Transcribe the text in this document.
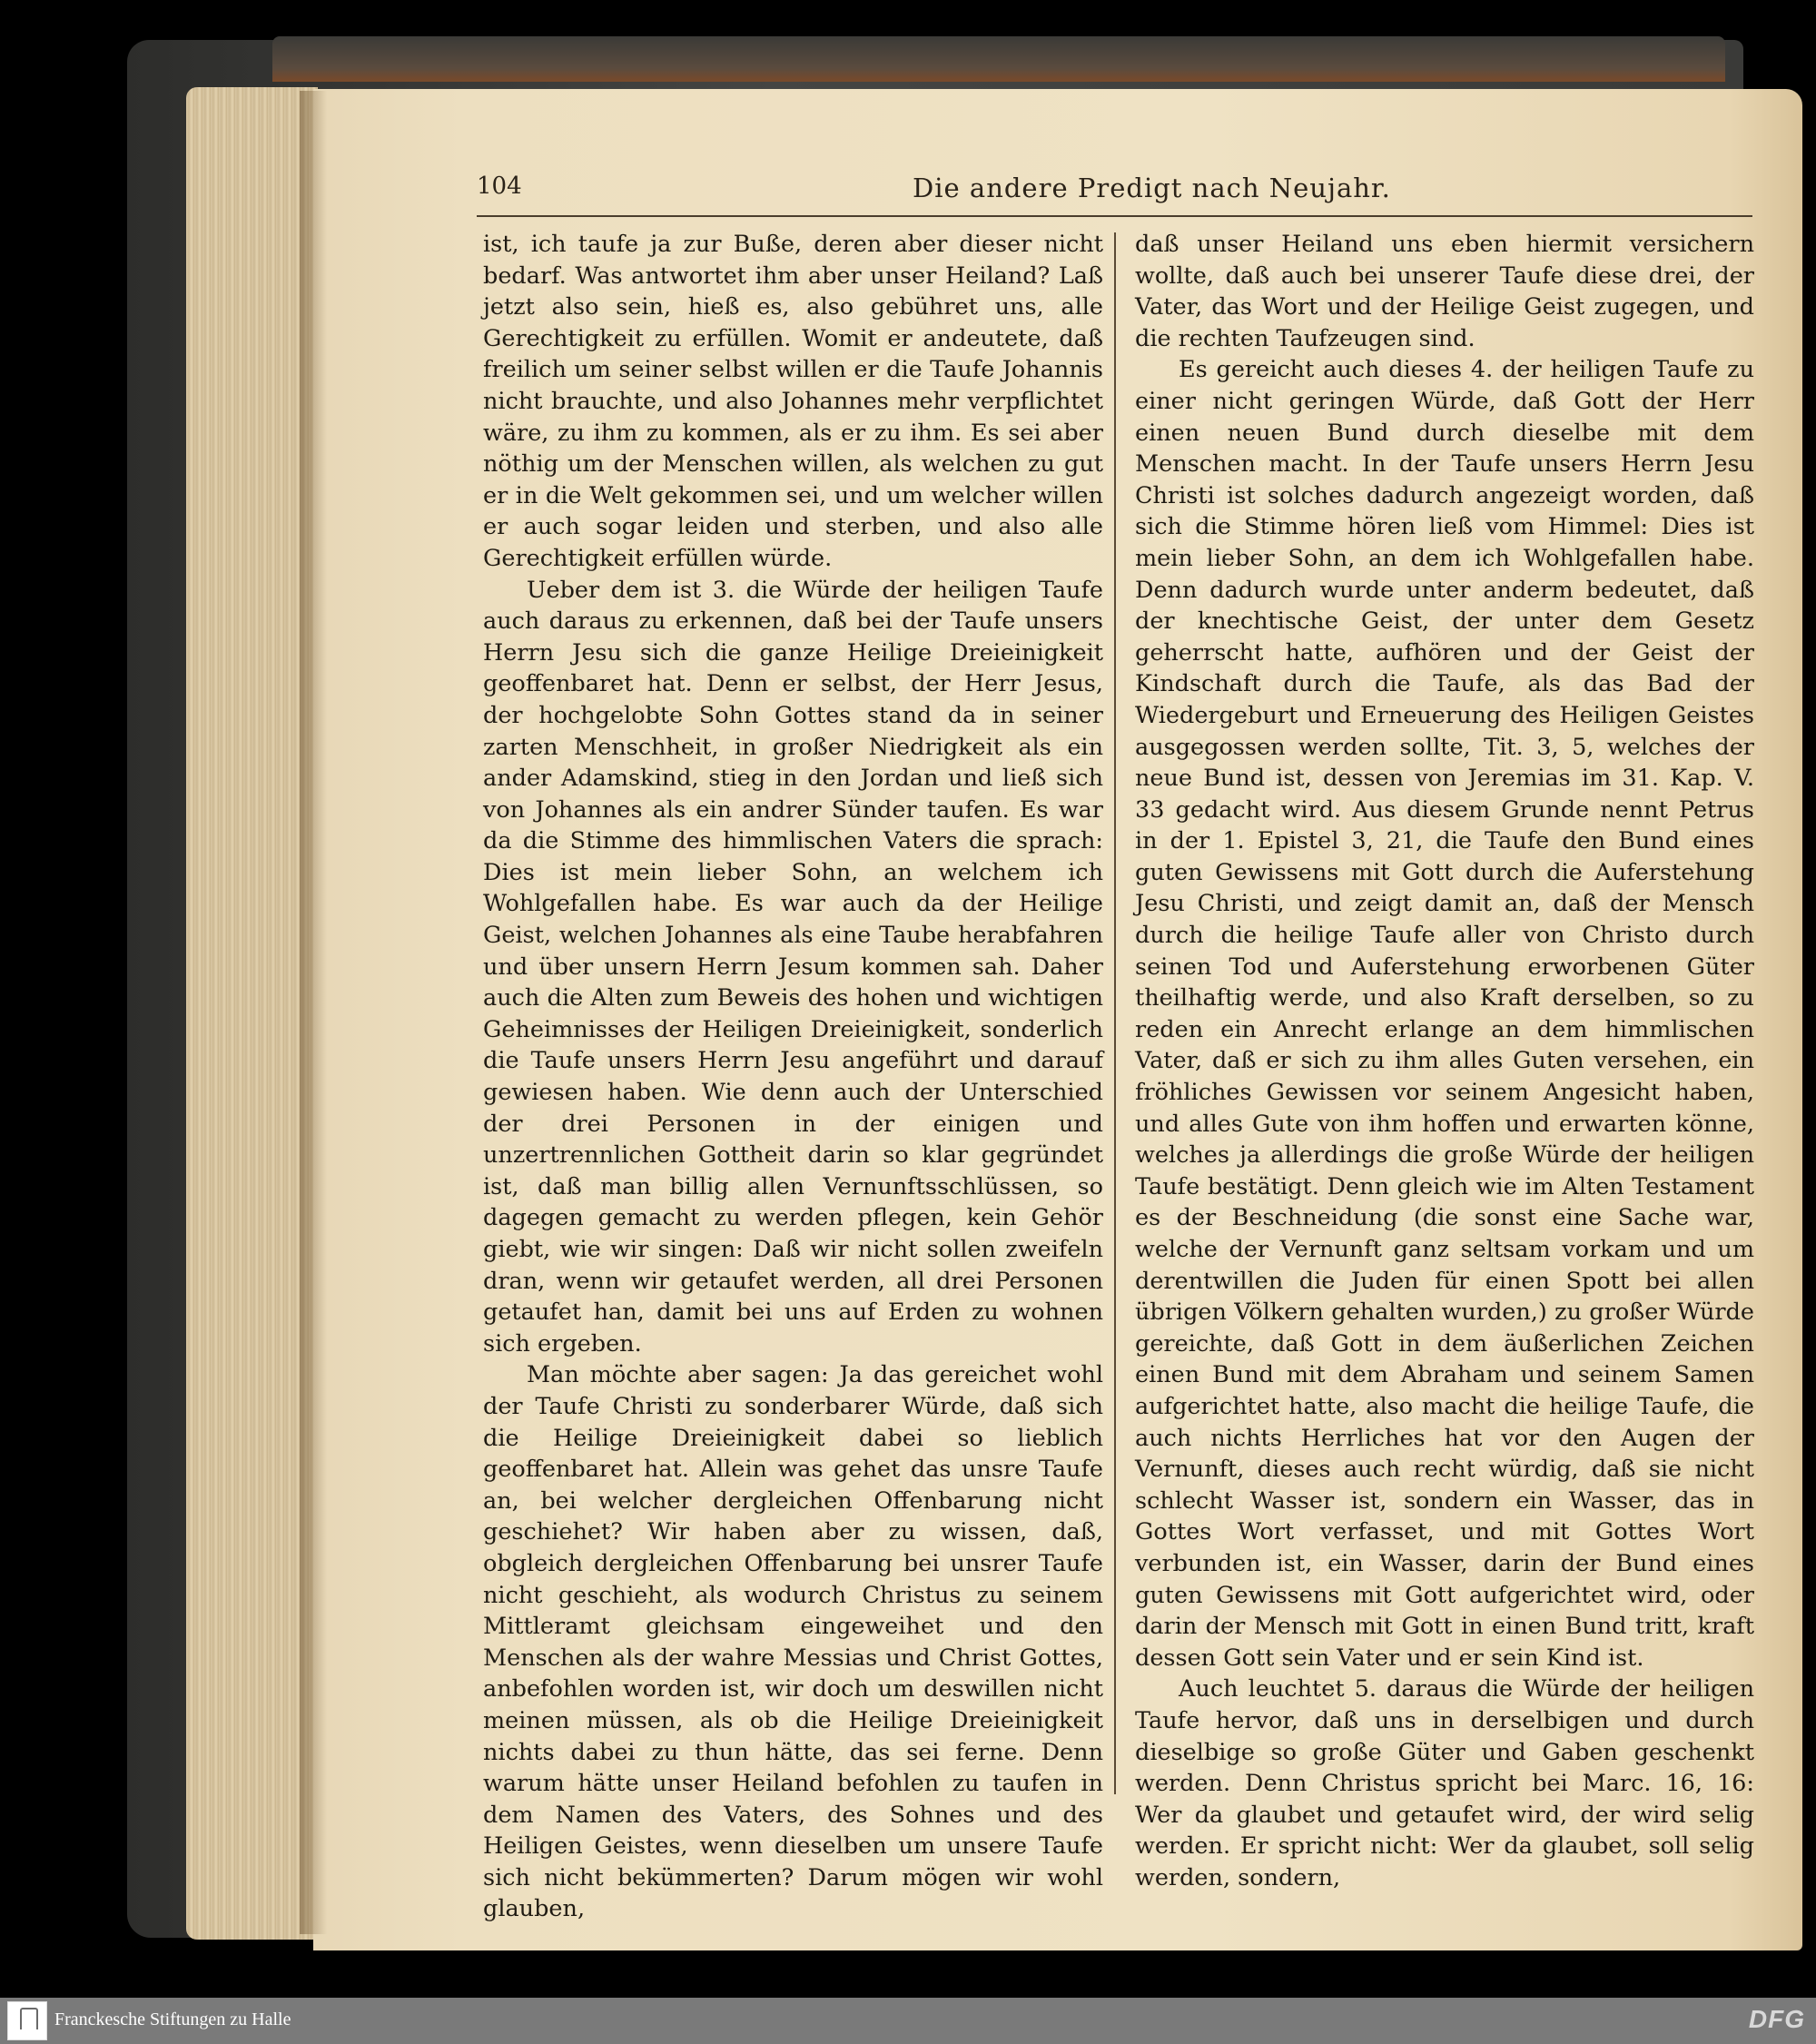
104	Die andere Predigt nach Neujahr.

ist, ich taufe ja zur Buße, deren aber dieser nicht bedarf. Was antwortet ihm aber unser Heiland? Laß jetzt also sein, hieß es, also gebühret uns, alle Gerechtigkeit zu erfüllen. Womit er andeutete, daß freilich um seiner selbst willen er die Taufe Johannis nicht brauchte, und also Johannes mehr verpflichtet wäre, zu ihm zu kommen, als er zu ihm. Es sei aber nöthig um der Menschen willen, als welchen zu gut er in die Welt gekommen sei, und um welcher willen er auch sogar leiden und sterben, und also alle Gerechtigkeit erfüllen würde.

Ueber dem ist 3. die Würde der heiligen Taufe auch daraus zu erkennen, daß bei der Taufe unsers Herrn Jesu sich die ganze Heilige Dreieinigkeit geoffenbaret hat. Denn er selbst, der Herr Jesus, der hochgelobte Sohn Gottes stand da in seiner zarten Menschheit, in großer Niedrigkeit als ein ander Adamskind, stieg in den Jordan und ließ sich von Johannes als ein andrer Sünder taufen. Es war da die Stimme des himmlischen Vaters die sprach: Dies ist mein lieber Sohn, an welchem ich Wohlgefallen habe. Es war auch da der Heilige Geist, welchen Johannes als eine Taube herabfahren und über unsern Herrn Jesum kommen sah. Daher auch die Alten zum Beweis des hohen und wichtigen Geheimnisses der Heiligen Dreieinigkeit, sonderlich die Taufe unsers Herrn Jesu angeführt und darauf gewiesen haben. Wie denn auch der Unterschied der drei Personen in der einigen und unzertrennlichen Gottheit darin so klar gegründet ist, daß man billig allen Vernunftsschlüssen, so dagegen gemacht zu werden pflegen, kein Gehör giebt, wie wir singen: Daß wir nicht sollen zweifeln dran, wenn wir getaufet werden, all drei Personen getaufet han, damit bei uns auf Erden zu wohnen sich ergeben.

Man möchte aber sagen: Ja das gereichet wohl der Taufe Christi zu sonderbarer Würde, daß sich die Heilige Dreieinigkeit dabei so lieblich geoffenbaret hat. Allein was gehet das unsre Taufe an, bei welcher dergleichen Offenbarung nicht geschiehet? Wir haben aber zu wissen, daß, obgleich dergleichen Offenbarung bei unsrer Taufe nicht geschieht, als wodurch Christus zu seinem Mittleramt gleichsam eingeweihet und den Menschen als der wahre Messias und Christ Gottes, anbefohlen worden ist, wir doch um deswillen nicht meinen müssen, als ob die Heilige Dreieinigkeit nichts dabei zu thun hätte, das sei ferne. Denn warum hätte unser Heiland befohlen zu taufen in dem Namen des Vaters, des Sohnes und des Heiligen Geistes, wenn dieselben um unsere Taufe sich nicht bekümmerten? Darum mögen wir wohl glauben,

daß unser Heiland uns eben hiermit versichern wollte, daß auch bei unserer Taufe diese drei, der Vater, das Wort und der Heilige Geist zugegen, und die rechten Taufzeugen sind.

Es gereicht auch dieses 4. der heiligen Taufe zu einer nicht geringen Würde, daß Gott der Herr einen neuen Bund durch dieselbe mit dem Menschen macht. In der Taufe unsers Herrn Jesu Christi ist solches dadurch angezeigt worden, daß sich die Stimme hören ließ vom Himmel: Dies ist mein lieber Sohn, an dem ich Wohlgefallen habe. Denn dadurch wurde unter anderm bedeutet, daß der knechtische Geist, der unter dem Gesetz geherrscht hatte, aufhören und der Geist der Kindschaft durch die Taufe, als das Bad der Wiedergeburt und Erneuerung des Heiligen Geistes ausgegossen werden sollte, Tit. 3, 5, welches der neue Bund ist, dessen von Jeremias im 31. Kap. V. 33 gedacht wird. Aus diesem Grunde nennt Petrus in der 1. Epistel 3, 21, die Taufe den Bund eines guten Gewissens mit Gott durch die Auferstehung Jesu Christi, und zeigt damit an, daß der Mensch durch die heilige Taufe aller von Christo durch seinen Tod und Auferstehung erworbenen Güter theilhaftig werde, und also Kraft derselben, so zu reden ein Anrecht erlange an dem himmlischen Vater, daß er sich zu ihm alles Guten versehen, ein fröhliches Gewissen vor seinem Angesicht haben, und alles Gute von ihm hoffen und erwarten könne, welches ja allerdings die große Würde der heiligen Taufe bestätigt. Denn gleich wie im Alten Testament es der Beschneidung (die sonst eine Sache war, welche der Vernunft ganz seltsam vorkam und um derentwillen die Juden für einen Spott bei allen übrigen Völkern gehalten wurden,) zu großer Würde gereichte, daß Gott in dem äußerlichen Zeichen einen Bund mit dem Abraham und seinem Samen aufgerichtet hatte, also macht die heilige Taufe, die auch nichts Herrliches hat vor den Augen der Vernunft, dieses auch recht würdig, daß sie nicht schlecht Wasser ist, sondern ein Wasser, das in Gottes Wort verfasset, und mit Gottes Wort verbunden ist, ein Wasser, darin der Bund eines guten Gewissens mit Gott aufgerichtet wird, oder darin der Mensch mit Gott in einen Bund tritt, kraft dessen Gott sein Vater und er sein Kind ist.

Auch leuchtet 5. daraus die Würde der heiligen Taufe hervor, daß uns in derselbigen und durch dieselbige so große Güter und Gaben geschenkt werden. Denn Christus spricht bei Marc. 16, 16: Wer da glaubet und getaufet wird, der wird selig werden. Er spricht nicht: Wer da glaubet, soll selig werden, sondern,

Franckesche Stiftungen zu Halle	DFG
